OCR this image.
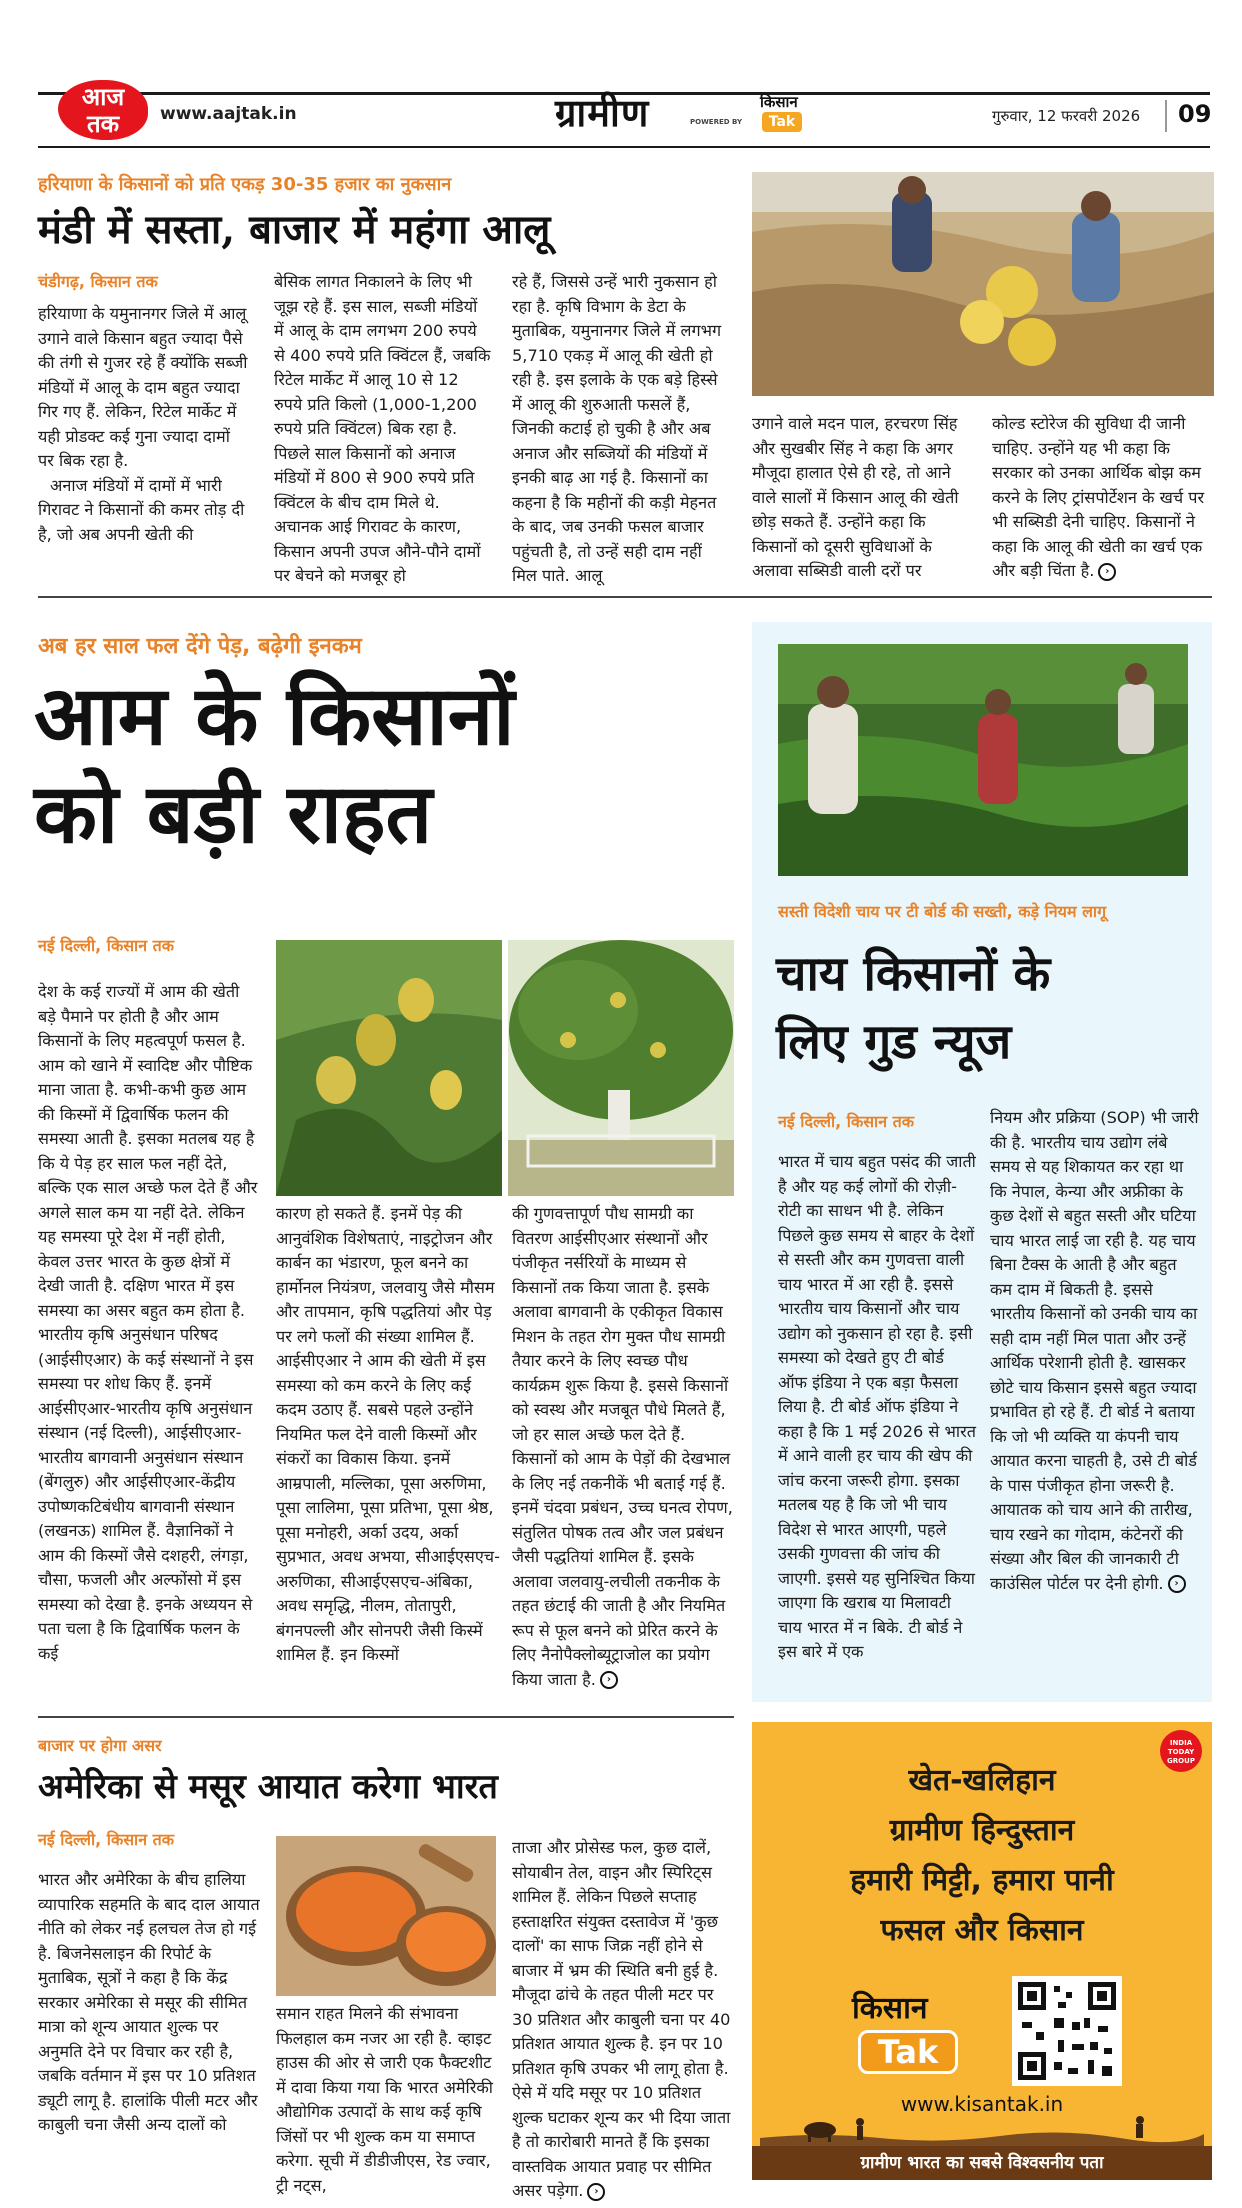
आज
तक	www.aajtak.in	ग्रामीण	POWERED BY
किसान
Tak	गुरुवार, 12 फरवरी 2026 09
हरियाणा के किसानों को प्रति एकड़ 30-35 हजार का नुकसान
मंडी में सस्ता, बाजार में महंगा आलू
चंडीगढ़, किसान तक

हरियाणा के यमुनानगर जिले में आलू उगाने वाले किसान बहुत ज्यादा पैसे की तंगी से गुजर रहे हैं क्योंकि सब्जी मंडियों में आलू के दाम बहुत ज्यादा गिर गए हैं. लेकिन, रिटेल मार्केट में यही प्रोडक्ट कई गुना ज्यादा दामों पर बिक रहा है.

अनाज मंडियों में दामों में भारी गिरावट ने किसानों की कमर तोड़ दी है, जो अब अपनी खेती की

बेसिक लागत निकालने के लिए भी जूझ रहे हैं. इस साल, सब्जी मंडियों में आलू के दाम लगभग 200 रुपये से 400 रुपये प्रति क्विंटल हैं, जबकि रिटेल मार्केट में आलू 10 से 12 रुपये प्रति किलो (1,000-1,200 रुपये प्रति क्विंटल) बिक रहा है. पिछले साल किसानों को अनाज मंडियों में 800 से 900 रुपये प्रति क्विंटल के बीच दाम मिले थे. अचानक आई गिरावट के कारण, किसान अपनी उपज औने-पौने दामों पर बेचने को मजबूर हो
रहे हैं, जिससे उन्हें भारी नुकसान हो रहा है. कृषि विभाग के डेटा के मुताबिक, यमुनानगर जिले में लगभग 5,710 एकड़ में आलू की खेती हो रही है. इस इलाके के एक बड़े हिस्से में आलू की शुरुआती फसलें हैं, जिनकी कटाई हो चुकी है और अब अनाज और सब्जियों की मंडियों में इनकी बाढ़ आ गई है. किसानों का कहना है कि महीनों की कड़ी मेहनत के बाद, जब उनकी फसल बाजार पहुंचती है, तो उन्हें सही दाम नहीं मिल पाते. आलू
उगाने वाले मदन पाल, हरचरण सिंह और सुखबीर सिंह ने कहा कि अगर मौजूदा हालात ऐसे ही रहे, तो आने वाले सालों में किसान आलू की खेती छोड़ सकते हैं. उन्होंने कहा कि किसानों को दूसरी सुविधाओं के अलावा सब्सिडी वाली दरों पर
कोल्ड स्टोरेज की सुविधा दी जानी चाहिए. उन्होंने यह भी कहा कि सरकार को उनका आर्थिक बोझ कम करने के लिए ट्रांसपोर्टेशन के खर्च पर भी सब्सिडी देनी चाहिए. किसानों ने कहा कि आलू की खेती का खर्च एक और बड़ी चिंता है. ›
अब हर साल फल देंगे पेड़, बढ़ेगी इनकम
आम के किसानों
को बड़ी राहत
नई दिल्ली, किसान तक
देश के कई राज्यों में आम की खेती बड़े पैमाने पर होती है और आम किसानों के लिए महत्वपूर्ण फसल है. आम को खाने में स्वादिष्ट और पौष्टिक माना जाता है. कभी-कभी कुछ आम की किस्मों में द्विवार्षिक फलन की समस्या आती है. इसका मतलब यह है कि ये पेड़ हर साल फल नहीं देते, बल्कि एक साल अच्छे फल देते हैं और अगले साल कम या नहीं देते. लेकिन यह समस्या पूरे देश में नहीं होती, केवल उत्तर भारत के कुछ क्षेत्रों में देखी जाती है. दक्षिण भारत में इस समस्या का असर बहुत कम होता है. भारतीय कृषि अनुसंधान परिषद (आईसीएआर) के कई संस्थानों ने इस समस्या पर शोध किए हैं. इनमें आईसीएआर-भारतीय कृषि अनुसंधान संस्थान (नई दिल्ली), आईसीएआर-भारतीय बागवानी अनुसंधान संस्थान (बेंगलुरु) और आईसीएआर-केंद्रीय उपोष्णकटिबंधीय बागवानी संस्थान (लखनऊ) शामिल हैं. वैज्ञानिकों ने आम की किस्मों जैसे दशहरी, लंगड़ा, चौसा, फजली और अल्फोंसो में इस समस्या को देखा है. इनके अध्ययन से पता चला है कि द्विवार्षिक फलन के कई
कारण हो सकते हैं. इनमें पेड़ की आनुवंशिक विशेषताएं, नाइट्रोजन और कार्बन का भंडारण, फूल बनने का हार्मोनल नियंत्रण, जलवायु जैसे मौसम और तापमान, कृषि पद्धतियां और पेड़ पर लगे फलों की संख्या शामिल हैं. आईसीएआर ने आम की खेती में इस समस्या को कम करने के लिए कई कदम उठाए हैं. सबसे पहले उन्होंने नियमित फल देने वाली किस्मों और संकरों का विकास किया. इनमें आम्रपाली, मल्लिका, पूसा अरुणिमा, पूसा लालिमा, पूसा प्रतिभा, पूसा श्रेष्ठ, पूसा मनोहरी, अर्का उदय, अर्का सुप्रभात, अवध अभया, सीआईएसएच-अरुणिका, सीआईएसएच-अंबिका, अवध समृद्धि, नीलम, तोतापुरी, बंगनपल्ली और सोनपरी जैसी किस्में शामिल हैं. इन किस्मों
की गुणवत्तापूर्ण पौध सामग्री का वितरण आईसीएआर संस्थानों और पंजीकृत नर्सरियों के माध्यम से किसानों तक किया जाता है. इसके अलावा बागवानी के एकीकृत विकास मिशन के तहत रोग मुक्त पौध सामग्री तैयार करने के लिए स्वच्छ पौध कार्यक्रम शुरू किया है. इससे किसानों को स्वस्थ और मजबूत पौधे मिलते हैं, जो हर साल अच्छे फल देते हैं. किसानों को आम के पेड़ों की देखभाल के लिए नई तकनीकें भी बताई गई हैं. इनमें चंदवा प्रबंधन, उच्च घनत्व रोपण, संतुलित पोषक तत्व और जल प्रबंधन जैसी पद्धतियां शामिल हैं. इसके अलावा जलवायु-लचीली तकनीक के तहत छंटाई की जाती है और नियमित रूप से फूल बनने को प्रेरित करने के लिए नैनोपैक्लोब्यूट्राजोल का प्रयोग किया जाता है. ›
सस्ती विदेशी चाय पर टी बोर्ड की सख्ती, कड़े नियम लागू
चाय किसानों के
लिए गुड न्यूज
नई दिल्ली, किसान तक
भारत में चाय बहुत पसंद की जाती है और यह कई लोगों की रोज़ी-रोटी का साधन भी है. लेकिन पिछले कुछ समय से बाहर के देशों से सस्ती और कम गुणवत्ता वाली चाय भारत में आ रही है. इससे भारतीय चाय किसानों और चाय उद्योग को नुकसान हो रहा है. इसी समस्या को देखते हुए टी बोर्ड ऑफ इंडिया ने एक बड़ा फैसला लिया है. टी बोर्ड ऑफ इंडिया ने कहा है कि 1 मई 2026 से भारत में आने वाली हर चाय की खेप की जांच करना जरूरी होगा. इसका मतलब यह है कि जो भी चाय विदेश से भारत आएगी, पहले उसकी गुणवत्ता की जांच की जाएगी. इससे यह सुनिश्चित किया जाएगा कि खराब या मिलावटी चाय भारत में न बिके. टी बोर्ड ने इस बारे में एक
नियम और प्रक्रिया (SOP) भी जारी की है. भारतीय चाय उद्योग लंबे समय से यह शिकायत कर रहा था कि नेपाल, केन्या और अफ्रीका के कुछ देशों से बहुत सस्ती और घटिया चाय भारत लाई जा रही है. यह चाय बिना टैक्स के आती है और बहुत कम दाम में बिकती है. इससे भारतीय किसानों को उनकी चाय का सही दाम नहीं मिल पाता और उन्हें आर्थिक परेशानी होती है. खासकर छोटे चाय किसान इससे बहुत ज्यादा प्रभावित हो रहे हैं. टी बोर्ड ने बताया कि जो भी व्यक्ति या कंपनी चाय आयात करना चाहती है, उसे टी बोर्ड के पास पंजीकृत होना जरूरी है. आयातक को चाय आने की तारीख, चाय रखने का गोदाम, कंटेनरों की संख्या और बिल की जानकारी टी काउंसिल पोर्टल पर देनी होगी. ›
बाजार पर होगा असर
अमेरिका से मसूर आयात करेगा भारत
नई दिल्ली, किसान तक
भारत और अमेरिका के बीच हालिया व्यापारिक सहमति के बाद दाल आयात नीति को लेकर नई हलचल तेज हो गई है. बिजनेसलाइन की रिपोर्ट के मुताबिक, सूत्रों ने कहा है कि केंद्र सरकार अमेरिका से मसूर की सीमित मात्रा को शून्य आयात शुल्क पर अनुमति देने पर विचार कर रही है, जबकि वर्तमान में इस पर 10 प्रतिशत ड्यूटी लागू है. हालांकि पीली मटर और काबुली चना जैसी अन्य दालों को
समान राहत मिलने की संभावना फिलहाल कम नजर आ रही है. व्हाइट हाउस की ओर से जारी एक फैक्टशीट में दावा किया गया कि भारत अमेरिकी औद्योगिक उत्पादों के साथ कई कृषि जिंसों पर भी शुल्क कम या समाप्त करेगा. सूची में डीडीजीएस, रेड ज्वार, ट्री नट्स,
ताजा और प्रोसेस्ड फल, कुछ दालें, सोयाबीन तेल, वाइन और स्पिरिट्स शामिल हैं. लेकिन पिछले सप्ताह हस्ताक्षरित संयुक्त दस्तावेज में 'कुछ दालों' का साफ जिक्र नहीं होने से बाजार में भ्रम की स्थिति बनी हुई है. मौजूदा ढांचे के तहत पीली मटर पर 30 प्रतिशत और काबुली चना पर 40 प्रतिशत आयात शुल्क है. इन पर 10 प्रतिशत कृषि उपकर भी लागू होता है. ऐसे में यदि मसूर पर 10 प्रतिशत शुल्क घटाकर शून्य कर भी दिया जाता है तो कारोबारी मानते हैं कि इसका वास्तविक आयात प्रवाह पर सीमित असर पड़ेगा. ›
INDIA TODAY GROUP
खेत-खलिहान
ग्रामीण हिन्दुस्तान
हमारी मिट्टी, हमारा पानी
फसल और किसान
किसान
Tak
www.kisantak.in
ग्रामीण भारत का सबसे विश्वसनीय पता
